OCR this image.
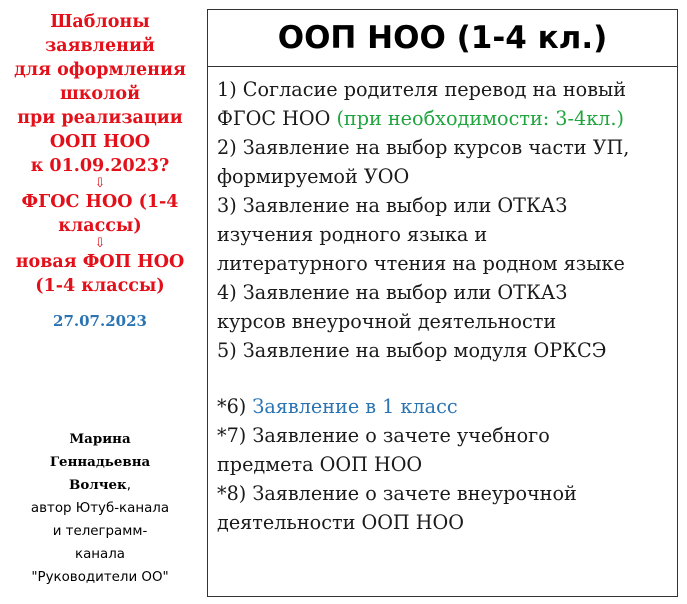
Шаблоны
заявлений
для оформления
школой
при реализации
ООП НОО
к 01.09.2023?
⇩
ФГОС НОО (1-4
классы)
⇩
новая ФОП НОО
(1-4 классы)
27.07.2023
Марина
Геннадьевна
Волчек,
автор Ютуб-канала
и телеграмм-
канала
"Руководители ОО"
ООП НОО (1-4 кл.)
1) Согласие родителя перевод на новый
ФГОС НОО (при необходимости: 3-4кл.)
2) Заявление на выбор курсов части УП,
формируемой УОО
3) Заявление на выбор или ОТКАЗ
изучения родного языка и
литературного чтения на родном языке
4) Заявление на выбор или ОТКАЗ
курсов внеурочной деятельности
5) Заявление на выбор модуля ОРКСЭ
*6) Заявление в 1 класс
*7) Заявление о зачете учебного
предмета ООП НОО
*8) Заявление о зачете внеурочной
деятельности ООП НОО
